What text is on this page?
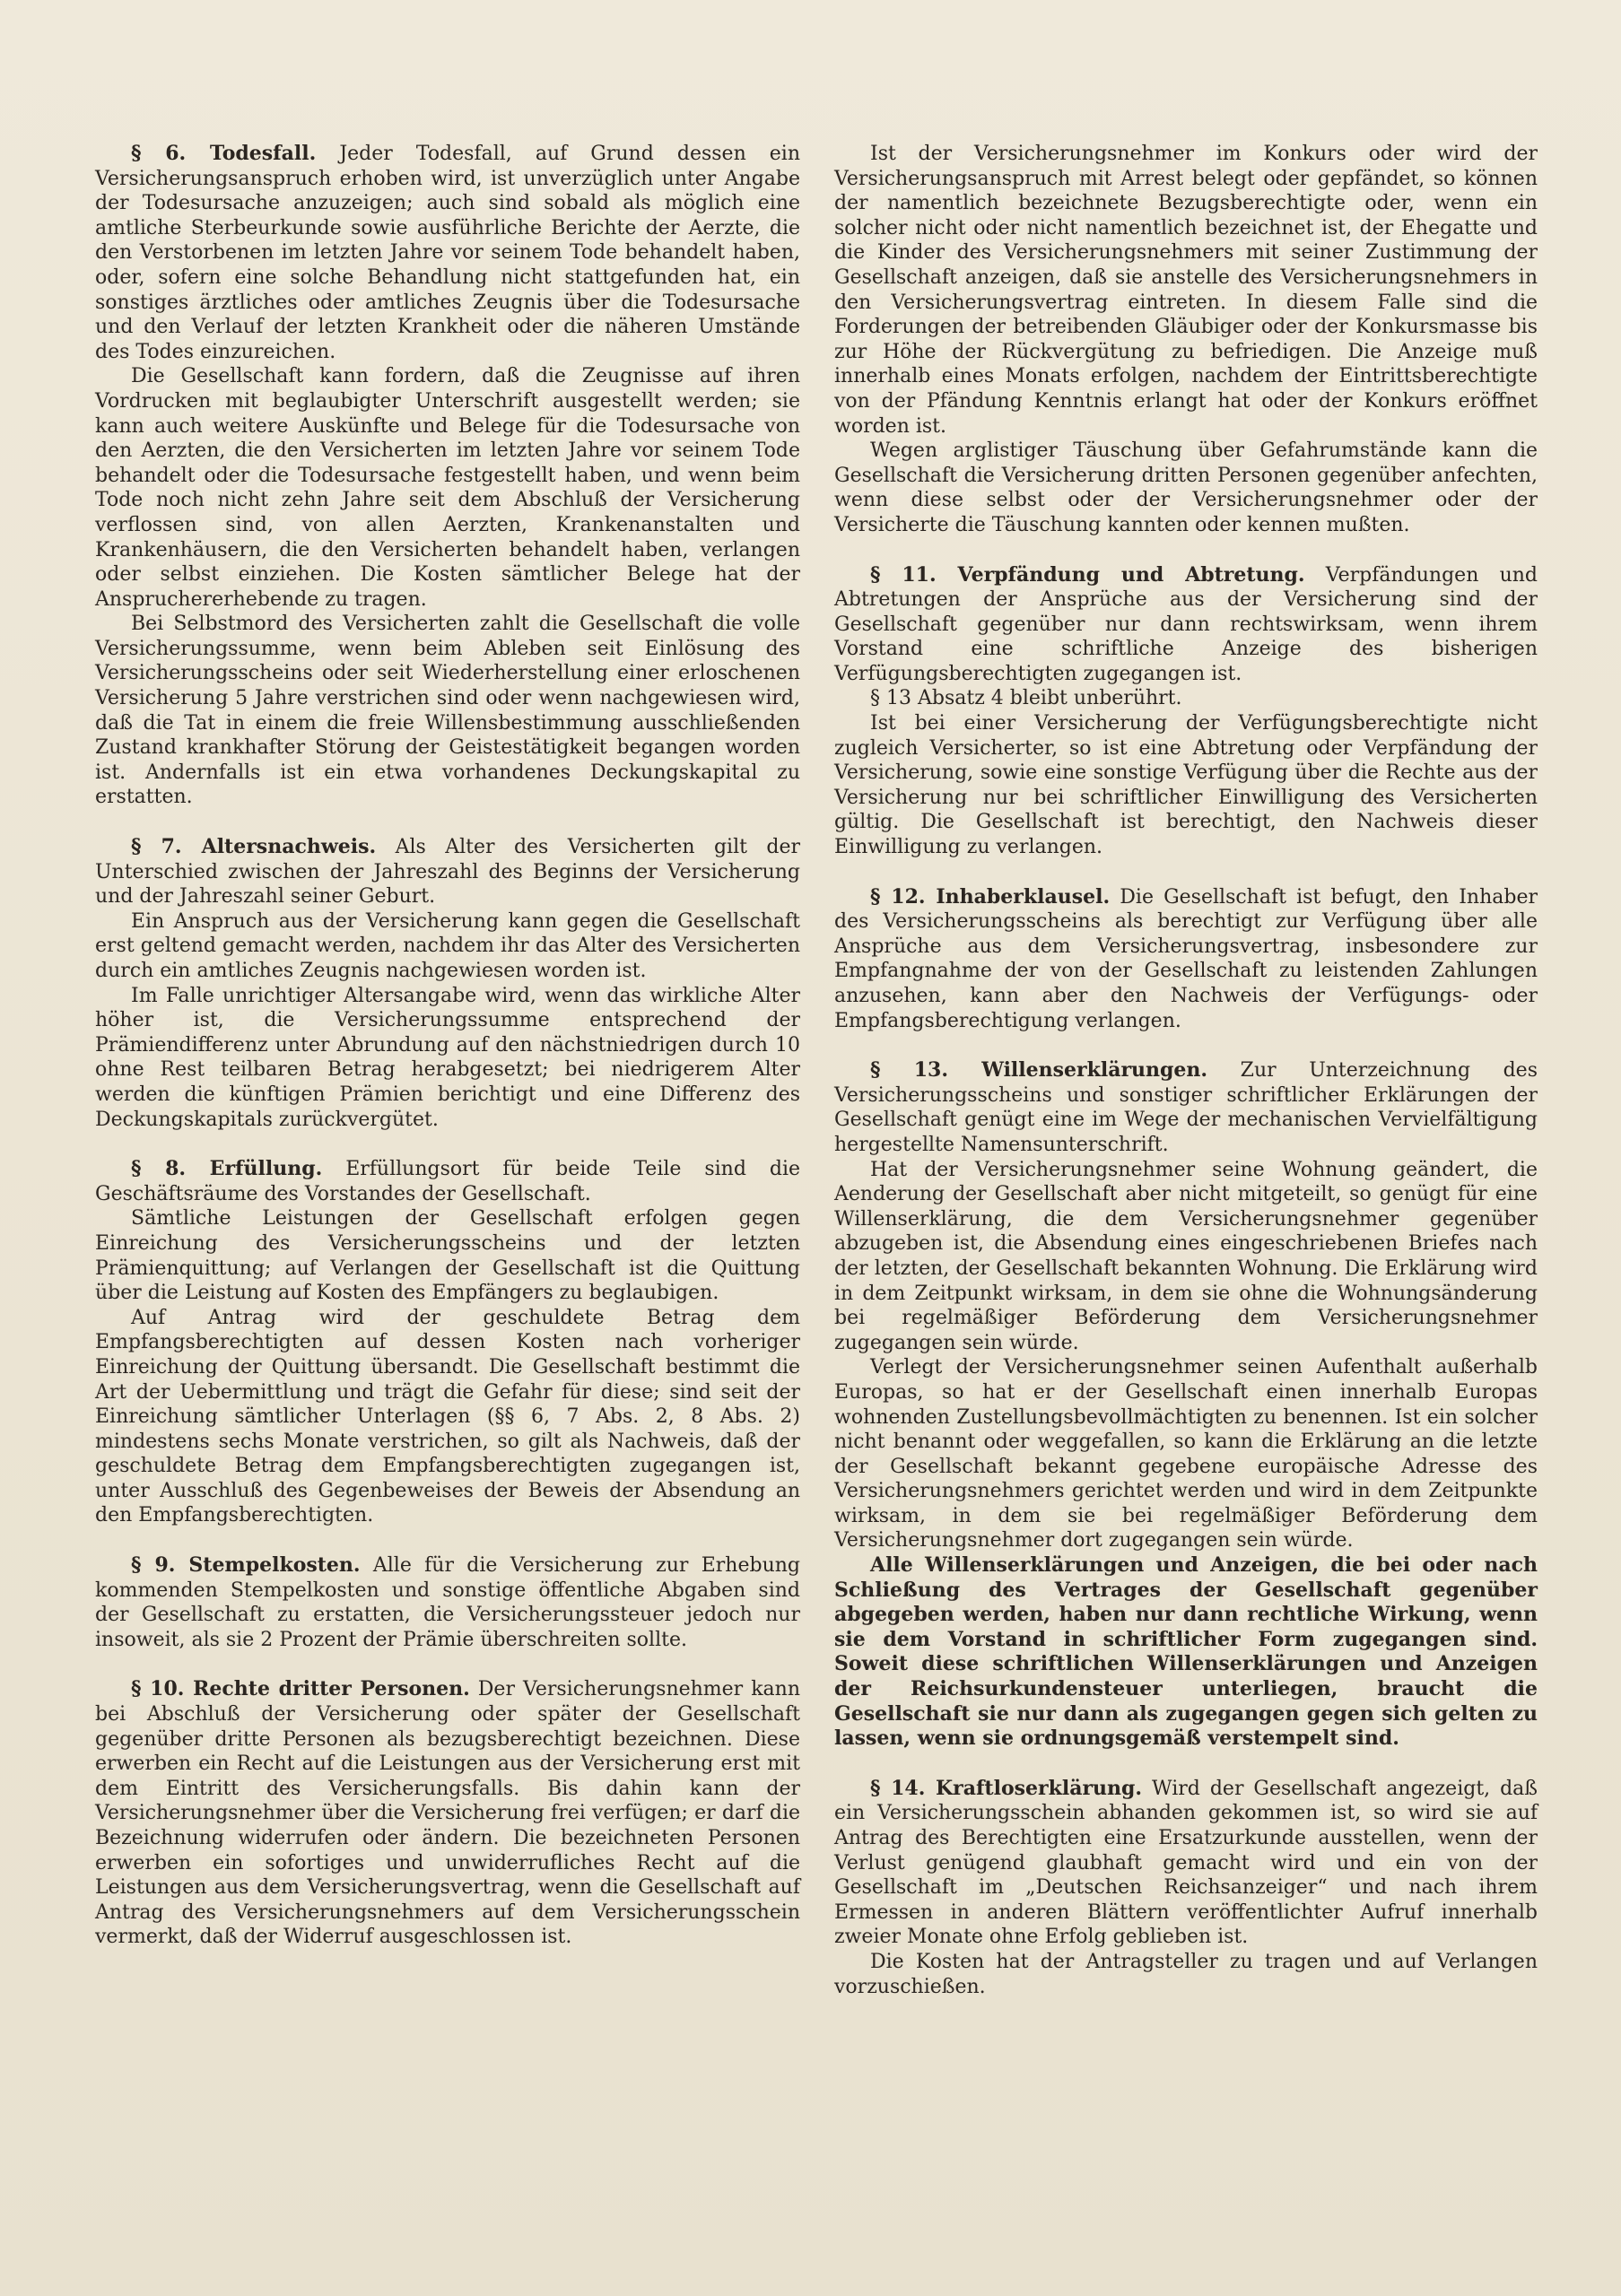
§ 6. Todesfall. Jeder Todesfall, auf Grund dessen ein Versicherungsanspruch erhoben wird, ist unverzüglich unter Angabe der Todesursache anzuzeigen; auch sind sobald als möglich eine amtliche Sterbeurkunde sowie ausführliche Berichte der Aerzte, die den Verstorbenen im letzten Jahre vor seinem Tode behandelt haben, oder, sofern eine solche Behandlung nicht stattgefunden hat, ein sonstiges ärztliches oder amtliches Zeugnis über die Todesursache und den Verlauf der letzten Krankheit oder die näheren Umstände des Todes einzureichen.

Die Gesellschaft kann fordern, daß die Zeugnisse auf ihren Vordrucken mit beglaubigter Unterschrift ausgestellt werden; sie kann auch weitere Auskünfte und Belege für die Todesursache von den Aerzten, die den Versicherten im letzten Jahre vor seinem Tode behandelt oder die Todesursache festgestellt haben, und wenn beim Tode noch nicht zehn Jahre seit dem Abschluß der Versicherung verflossen sind, von allen Aerzten, Krankenanstalten und Krankenhäusern, die den Versicherten behandelt haben, verlangen oder selbst einziehen. Die Kosten sämtlicher Belege hat der Anspruchererhebende zu tragen.

Bei Selbstmord des Versicherten zahlt die Gesellschaft die volle Versicherungssumme, wenn beim Ableben seit Einlösung des Versicherungsscheins oder seit Wiederherstellung einer erloschenen Versicherung 5 Jahre verstrichen sind oder wenn nachgewiesen wird, daß die Tat in einem die freie Willensbestimmung ausschließenden Zustand krankhafter Störung der Geistestätigkeit begangen worden ist. Andernfalls ist ein etwa vorhandenes Deckungskapital zu erstatten.

§ 7. Altersnachweis. Als Alter des Versicherten gilt der Unterschied zwischen der Jahreszahl des Beginns der Versicherung und der Jahreszahl seiner Geburt.

Ein Anspruch aus der Versicherung kann gegen die Gesellschaft erst geltend gemacht werden, nachdem ihr das Alter des Versicherten durch ein amtliches Zeugnis nachgewiesen worden ist.

Im Falle unrichtiger Altersangabe wird, wenn das wirkliche Alter höher ist, die Versicherungssumme entsprechend der Prämiendifferenz unter Abrundung auf den nächstniedrigen durch 10 ohne Rest teilbaren Betrag herabgesetzt; bei niedrigerem Alter werden die künftigen Prämien berichtigt und eine Differenz des Deckungskapitals zurückvergütet.

§ 8. Erfüllung. Erfüllungsort für beide Teile sind die Geschäftsräume des Vorstandes der Gesellschaft.

Sämtliche Leistungen der Gesellschaft erfolgen gegen Einreichung des Versicherungsscheins und der letzten Prämienquittung; auf Verlangen der Gesellschaft ist die Quittung über die Leistung auf Kosten des Empfängers zu beglaubigen.

Auf Antrag wird der geschuldete Betrag dem Empfangsberechtigten auf dessen Kosten nach vorheriger Einreichung der Quittung übersandt. Die Gesellschaft bestimmt die Art der Uebermittlung und trägt die Gefahr für diese; sind seit der Einreichung sämtlicher Unterlagen (§§ 6, 7 Abs. 2, 8 Abs. 2) mindestens sechs Monate verstrichen, so gilt als Nachweis, daß der geschuldete Betrag dem Empfangsberechtigten zugegangen ist, unter Ausschluß des Gegenbeweises der Beweis der Absendung an den Empfangsberechtigten.

§ 9. Stempelkosten. Alle für die Versicherung zur Erhebung kommenden Stempelkosten und sonstige öffentliche Abgaben sind der Gesellschaft zu erstatten, die Versicherungssteuer jedoch nur insoweit, als sie 2 Prozent der Prämie überschreiten sollte.

§ 10. Rechte dritter Personen. Der Versicherungsnehmer kann bei Abschluß der Versicherung oder später der Gesellschaft gegenüber dritte Personen als bezugsberechtigt bezeichnen. Diese erwerben ein Recht auf die Leistungen aus der Versicherung erst mit dem Eintritt des Versicherungsfalls. Bis dahin kann der Versicherungsnehmer über die Versicherung frei verfügen; er darf die Bezeichnung widerrufen oder ändern. Die bezeichneten Personen erwerben ein sofortiges und unwiderrufliches Recht auf die Leistungen aus dem Versicherungsvertrag, wenn die Gesellschaft auf Antrag des Versicherungsnehmers auf dem Versicherungsschein vermerkt, daß der Widerruf ausgeschlossen ist.

Ist der Versicherungsnehmer im Konkurs oder wird der Versicherungsanspruch mit Arrest belegt oder gepfändet, so können der namentlich bezeichnete Bezugsberechtigte oder, wenn ein solcher nicht oder nicht namentlich bezeichnet ist, der Ehegatte und die Kinder des Versicherungsnehmers mit seiner Zustimmung der Gesellschaft anzeigen, daß sie anstelle des Versicherungsnehmers in den Versicherungsvertrag eintreten. In diesem Falle sind die Forderungen der betreibenden Gläubiger oder der Konkursmasse bis zur Höhe der Rückvergütung zu befriedigen. Die Anzeige muß innerhalb eines Monats erfolgen, nachdem der Eintrittsberechtigte von der Pfändung Kenntnis erlangt hat oder der Konkurs eröffnet worden ist.

Wegen arglistiger Täuschung über Gefahrumstände kann die Gesellschaft die Versicherung dritten Personen gegenüber anfechten, wenn diese selbst oder der Versicherungsnehmer oder der Versicherte die Täuschung kannten oder kennen mußten.

§ 11. Verpfändung und Abtretung. Verpfändungen und Abtretungen der Ansprüche aus der Versicherung sind der Gesellschaft gegenüber nur dann rechtswirksam, wenn ihrem Vorstand eine schriftliche Anzeige des bisherigen Verfügungsberechtigten zugegangen ist.

§ 13 Absatz 4 bleibt unberührt.

Ist bei einer Versicherung der Verfügungsberechtigte nicht zugleich Versicherter, so ist eine Abtretung oder Verpfändung der Versicherung, sowie eine sonstige Verfügung über die Rechte aus der Versicherung nur bei schriftlicher Einwilligung des Versicherten gültig. Die Gesellschaft ist berechtigt, den Nachweis dieser Einwilligung zu verlangen.

§ 12. Inhaberklausel. Die Gesellschaft ist befugt, den Inhaber des Versicherungsscheins als berechtigt zur Verfügung über alle Ansprüche aus dem Versicherungsvertrag, insbesondere zur Empfangnahme der von der Gesellschaft zu leistenden Zahlungen anzusehen, kann aber den Nachweis der Verfügungs- oder Empfangsberechtigung verlangen.

§ 13. Willenserklärungen. Zur Unterzeichnung des Versicherungsscheins und sonstiger schriftlicher Erklärungen der Gesellschaft genügt eine im Wege der mechanischen Vervielfältigung hergestellte Namensunterschrift.

Hat der Versicherungsnehmer seine Wohnung geändert, die Aenderung der Gesellschaft aber nicht mitgeteilt, so genügt für eine Willenserklärung, die dem Versicherungsnehmer gegenüber abzugeben ist, die Absendung eines eingeschriebenen Briefes nach der letzten, der Gesellschaft bekannten Wohnung. Die Erklärung wird in dem Zeitpunkt wirksam, in dem sie ohne die Wohnungsänderung bei regelmäßiger Beförderung dem Versicherungsnehmer zugegangen sein würde.

Verlegt der Versicherungsnehmer seinen Aufenthalt außerhalb Europas, so hat er der Gesellschaft einen innerhalb Europas wohnenden Zustellungsbevollmächtigten zu benennen. Ist ein solcher nicht benannt oder weggefallen, so kann die Erklärung an die letzte der Gesellschaft bekannt gegebene europäische Adresse des Versicherungsnehmers gerichtet werden und wird in dem Zeitpunkte wirksam, in dem sie bei regelmäßiger Beförderung dem Versicherungsnehmer dort zugegangen sein würde.

Alle Willenserklärungen und Anzeigen, die bei oder nach Schließung des Vertrages der Gesellschaft gegenüber abgegeben werden, haben nur dann rechtliche Wirkung, wenn sie dem Vorstand in schriftlicher Form zugegangen sind. Soweit diese schriftlichen Willenserklärungen und Anzeigen der Reichsurkundensteuer unterliegen, braucht die Gesellschaft sie nur dann als zugegangen gegen sich gelten zu lassen, wenn sie ordnungsgemäß verstempelt sind.

§ 14. Kraftloserklärung. Wird der Gesellschaft angezeigt, daß ein Versicherungsschein abhanden gekommen ist, so wird sie auf Antrag des Berechtigten eine Ersatzurkunde ausstellen, wenn der Verlust genügend glaubhaft gemacht wird und ein von der Gesellschaft im „Deutschen Reichsanzeiger“ und nach ihrem Ermessen in anderen Blättern veröffentlichter Aufruf innerhalb zweier Monate ohne Erfolg geblieben ist.

Die Kosten hat der Antragsteller zu tragen und auf Verlangen vorzuschießen.
